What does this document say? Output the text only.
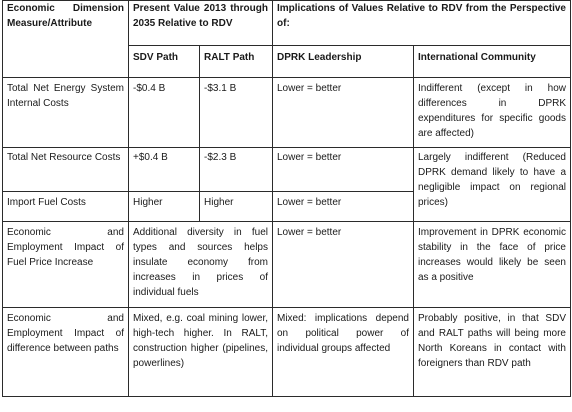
Economic Dimension Measure/Attribute	Present Value 2013 through 2035 Relative to RDV		Implications of Values Relative to RDV from the Perspective of:	
	SDV Path	RALT Path	DPRK Leadership	International Community
Total Net Energy System Internal Costs	-$0.4 B	-$3.1 B	Lower = better	Indifferent (except in how differences in DPRK expenditures for specific goods are affected)
Total Net Resource Costs	+$0.4 B	-$2.3 B	Lower = better	Largely indifferent (Reduced DPRK demand likely to have a negligible impact on regional prices)
Import Fuel Costs	Higher	Higher	Lower = better	
Economic and Employment Impact of Fuel Price Increase	Additional diversity in fuel types and sources helps insulate economy from increases in prices of individual fuels		Lower = better	Improvement in DPRK economic stability in the face of price increases would likely be seen as a positive
Economic and Employment Impact of difference between paths	Mixed, e.g. coal mining lower, high-tech higher. In RALT, construction higher (pipelines, powerlines)		Mixed: implications depend on political power of individual groups affected	Probably positive, in that SDV and RALT paths will being more North Koreans in contact with foreigners than RDV path
